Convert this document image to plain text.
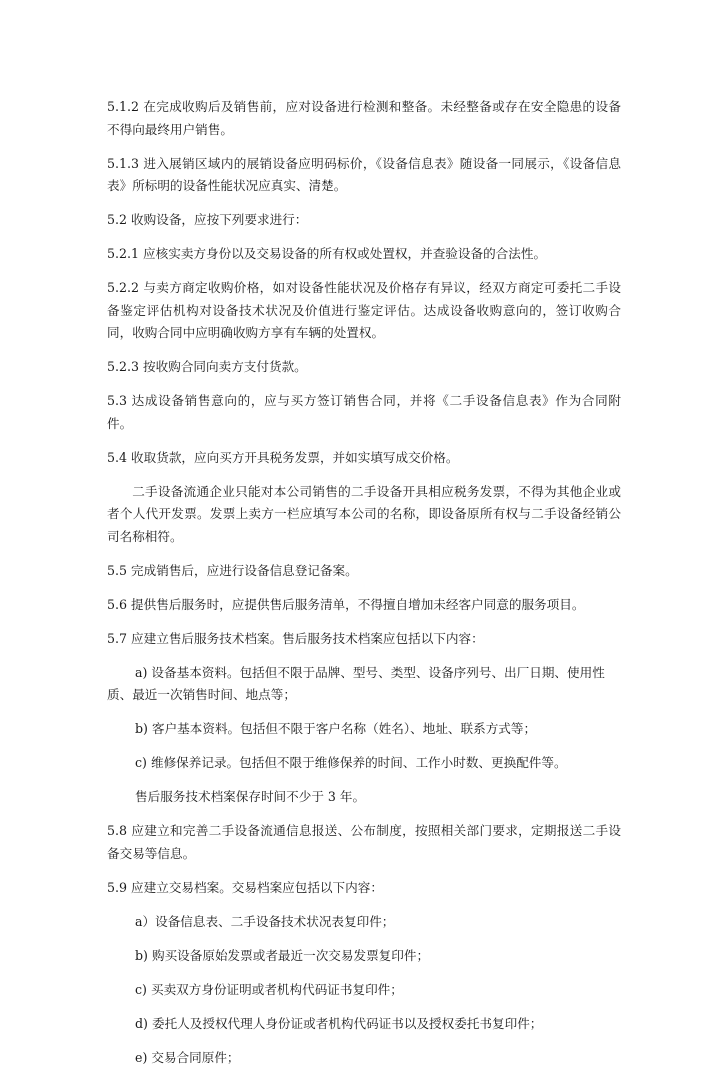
5.1.2 在完成收购后及销售前，应对设备进行检测和整备。未经整备或存在安全隐患的设备不得向最终用户销售。

5.1.3 进入展销区域内的展销设备应明码标价，《设备信息表》随设备一同展示，《设备信息表》所标明的设备性能状况应真实、清楚。

5.2 收购设备，应按下列要求进行：

5.2.1 应核实卖方身份以及交易设备的所有权或处置权，并查验设备的合法性。

5.2.2 与卖方商定收购价格，如对设备性能状况及价格存有异议，经双方商定可委托二手设备鉴定评估机构对设备技术状况及价值进行鉴定评估。达成设备收购意向的，签订收购合同，收购合同中应明确收购方享有车辆的处置权。

5.2.3 按收购合同向卖方支付货款。

5.3 达成设备销售意向的，应与买方签订销售合同，并将《二手设备信息表》作为合同附件。

5.4 收取货款，应向买方开具税务发票，并如实填写成交价格。

二手设备流通企业只能对本公司销售的二手设备开具相应税务发票，不得为其他企业或者个人代开发票。发票上卖方一栏应填写本公司的名称，即设备原所有权与二手设备经销公司名称相符。

5.5 完成销售后，应进行设备信息登记备案。

5.6 提供售后服务时，应提供售后服务清单，不得擅自增加未经客户同意的服务项目。

5.7 应建立售后服务技术档案。售后服务技术档案应包括以下内容：

a) 设备基本资料。包括但不限于品牌、型号、类型、设备序列号、出厂日期、使用性质、最近一次销售时间、地点等；

b) 客户基本资料。包括但不限于客户名称（姓名）、地址、联系方式等；

c) 维修保养记录。包括但不限于维修保养的时间、工作小时数、更换配件等。

售后服务技术档案保存时间不少于 3 年。

5.8 应建立和完善二手设备流通信息报送、公布制度，按照相关部门要求，定期报送二手设备交易等信息。

5.9 应建立交易档案。交易档案应包括以下内容：

a）设备信息表、二手设备技术状况表复印件；

b) 购买设备原始发票或者最近一次交易发票复印件；

c) 买卖双方身份证明或者机构代码证书复印件；

d) 委托人及授权代理人身份证或者机构代码证书以及授权委托书复印件；

e) 交易合同原件；
